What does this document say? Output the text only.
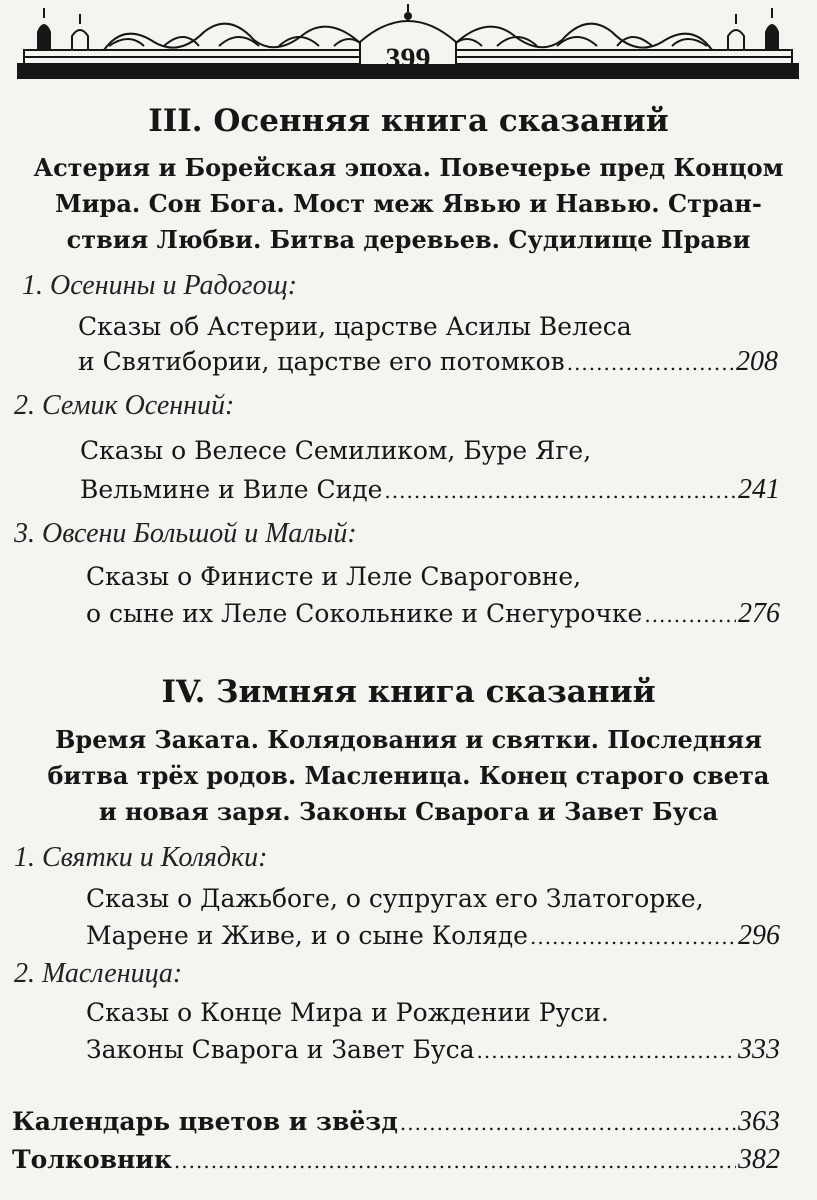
399
III. Осенняя книга сказаний
Астерия и Борейская эпоха. Повечерье пред Концом
Мира. Сон Бога. Мост меж Явью и Навью. Стран-
ствия Любви. Битва деревьев. Судилище Прави
1. Осенины и Радогощ:
Сказы об Астерии, царстве Асилы Велеса
и Святибории, царстве его потомков .....	208
2. Семик Осенний:
Сказы о Велесе Семиликом, Буре Яге,
Вельмине и Виле Сиде .....	241
3. Овсени Большой и Малый:
Сказы о Финисте и Леле Свароговне,
о сыне их Леле Сокольнике и Снегурочке .....	276
IV. Зимняя книга сказаний
Время Заката. Колядования и святки. Последняя
битва трёх родов. Масленица. Конец старого света
и новая заря. Законы Сварога и Завет Буса
1. Святки и Колядки:
Сказы о Дажьбоге, о супругах его Златогорке,
Марене и Живе, и о сыне Коляде .....	296
2. Масленица:
Сказы о Конце Мира и Рождении Руси.
Законы Сварога и Завет Буса .....	333
Календарь цветов и звёзд .....	363
Толковник .....	382
